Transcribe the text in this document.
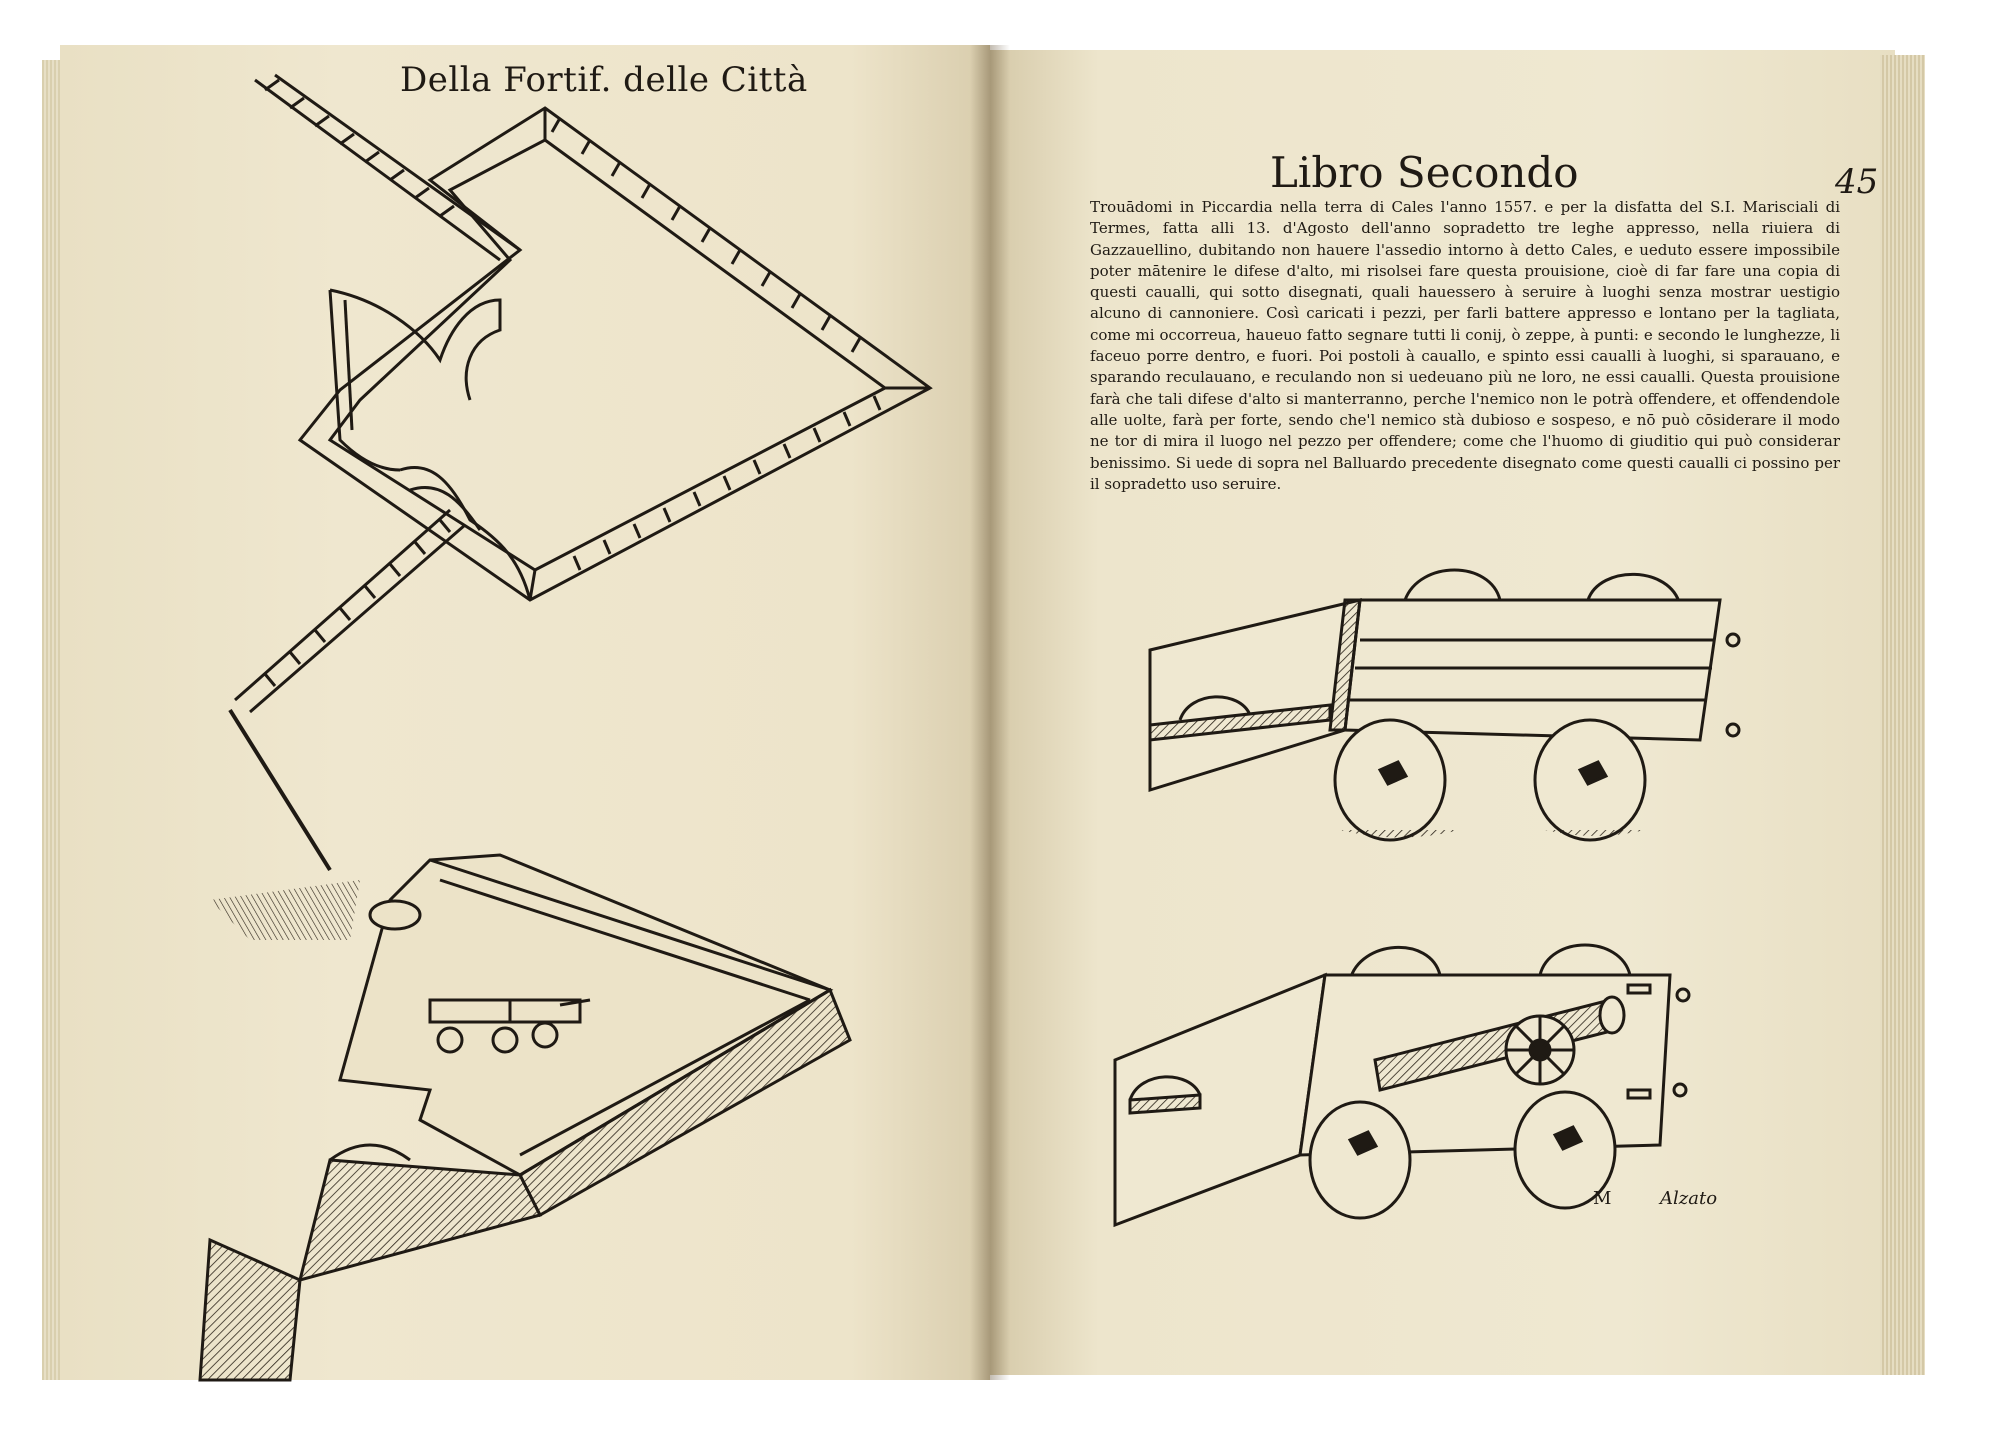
Della Fortif. delle Città
Libro Secondo	45
Trouādomi in Piccardia nella terra di Cales l'anno 1557. e per la disfatta del S.I. Marisciali di Termes, fatta alli 13. d'Agosto dell'anno sopradetto tre leghe appresso, nella riuiera di Gazzauellino, dubitando non hauere l'assedio intorno à detto Cales, e ueduto essere impossibile poter mātenire le difese d'alto, mi risolsei fare questa prouisione, cioè di far fare una copia di questi caualli, qui sotto disegnati, quali hauessero à seruire à luoghi senza mostrar uestigio alcuno di cannoniere. Così caricati i pezzi, per farli battere appresso e lontano per la tagliata, come mi occorreua, haueuo fatto segnare tutti li conij, ò zeppe, à punti: e secondo le lunghezze, li faceuo porre dentro, e fuori. Poi postoli à cauallo, e spinto essi caualli à luoghi, si sparauano, e sparando reculauano, e reculando non si uedeuano più ne loro, ne essi caualli. Questa prouisione farà che tali difese d'alto si manterranno, perche l'nemico non le potrà offendere, et offendendole alle uolte, farà per forte, sendo che'l nemico stà dubioso e sospeso, e nō può cōsiderare il modo ne tor di mira il luogo nel pezzo per offendere; come che l'huomo di giuditio qui può considerar benissimo. Si uede di sopra nel Balluardo precedente disegnato come questi caualli ci possino per il sopradetto uso seruire.
M	Alzato
